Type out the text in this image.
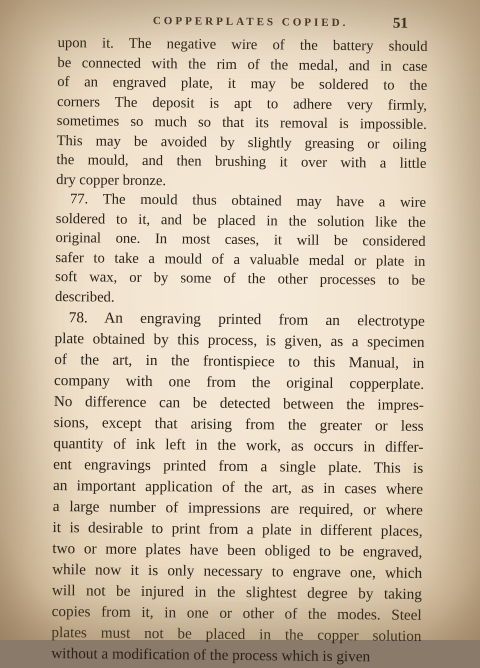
COPPERPLATES COPIED.	51
upon it. The negative wire of the battery should
be connected with the rim of the medal, and in case
of an engraved plate, it may be soldered to the
corners The deposit is apt to adhere very firmly,
sometimes so much so that its removal is impossible.
This may be avoided by slightly greasing or oiling
the mould, and then brushing it over with a little
dry copper bronze.
77. The mould thus obtained may have a wire
soldered to it, and be placed in the solution like the
original one. In most cases, it will be considered
safer to take a mould of a valuable medal or plate in
soft wax, or by some of the other processes to be
described.
78. An engraving printed from an electrotype
plate obtained by this process, is given, as a specimen
of the art, in the frontispiece to this Manual, in
company with one from the original copperplate.
No difference can be detected between the impres-
sions, except that arising from the greater or less
quantity of ink left in the work, as occurs in differ-
ent engravings printed from a single plate. This is
an important application of the art, as in cases where
a large number of impressions are required, or where
it is desirable to print from a plate in different places,
two or more plates have been obliged to be engraved,
while now it is only necessary to engrave one, which
will not be injured in the slightest degree by taking
copies from it, in one or other of the modes. Steel
plates must not be placed in the copper solution
without a modification of the process which is given
